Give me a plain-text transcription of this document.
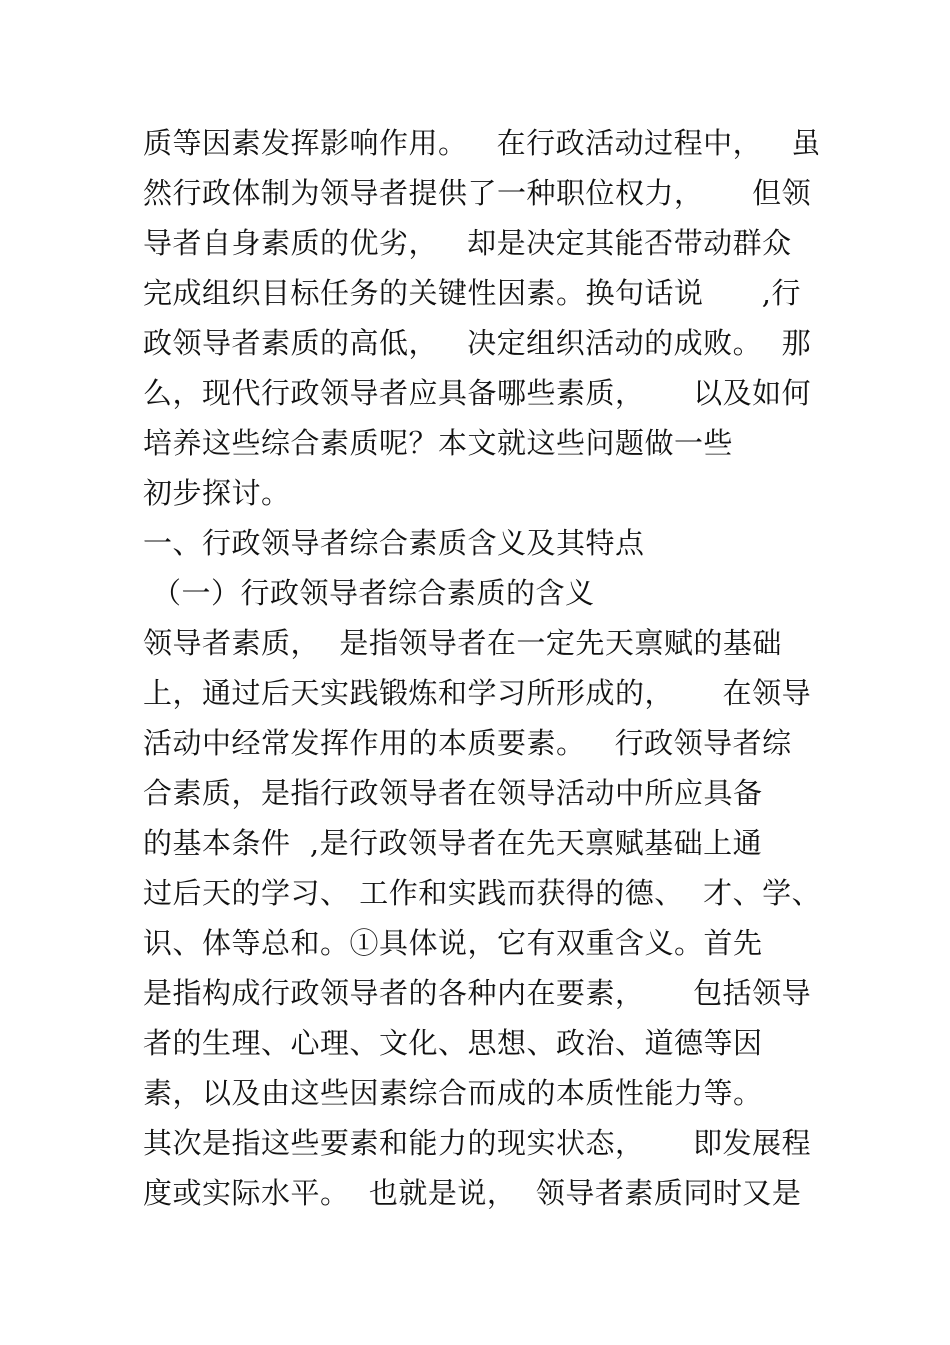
质等因素发挥影响作用。   在行政活动过程中，   虽
然行政体制为领导者提供了一种职位权力，     但领
导者自身素质的优劣，   却是决定其能否带动群众
完成组织目标任务的关键性因素。换句话说      ,行
政领导者素质的高低，   决定组织活动的成败。  那
么，现代行政领导者应具备哪些素质，     以及如何
培养这些综合素质呢？本文就这些问题做一些
初步探讨。
一、行政领导者综合素质含义及其特点
（一）行政领导者综合素质的含义
领导者素质，  是指领导者在一定先天禀赋的基础
上，通过后天实践锻炼和学习所形成的，     在领导
活动中经常发挥作用的本质要素。   行政领导者综
合素质，是指行政领导者在领导活动中所应具备
的基本条件  ,是行政领导者在先天禀赋基础上通
过后天的学习、 工作和实践而获得的德、  才、学、
识、体等总和。①具体说，它有双重含义。首先
是指构成行政领导者的各种内在要素，     包括领导
者的生理、心理、文化、思想、政治、道德等因
素，以及由这些因素综合而成的本质性能力等。
其次是指这些要素和能力的现实状态，     即发展程
度或实际水平。  也就是说，  领导者素质同时又是
